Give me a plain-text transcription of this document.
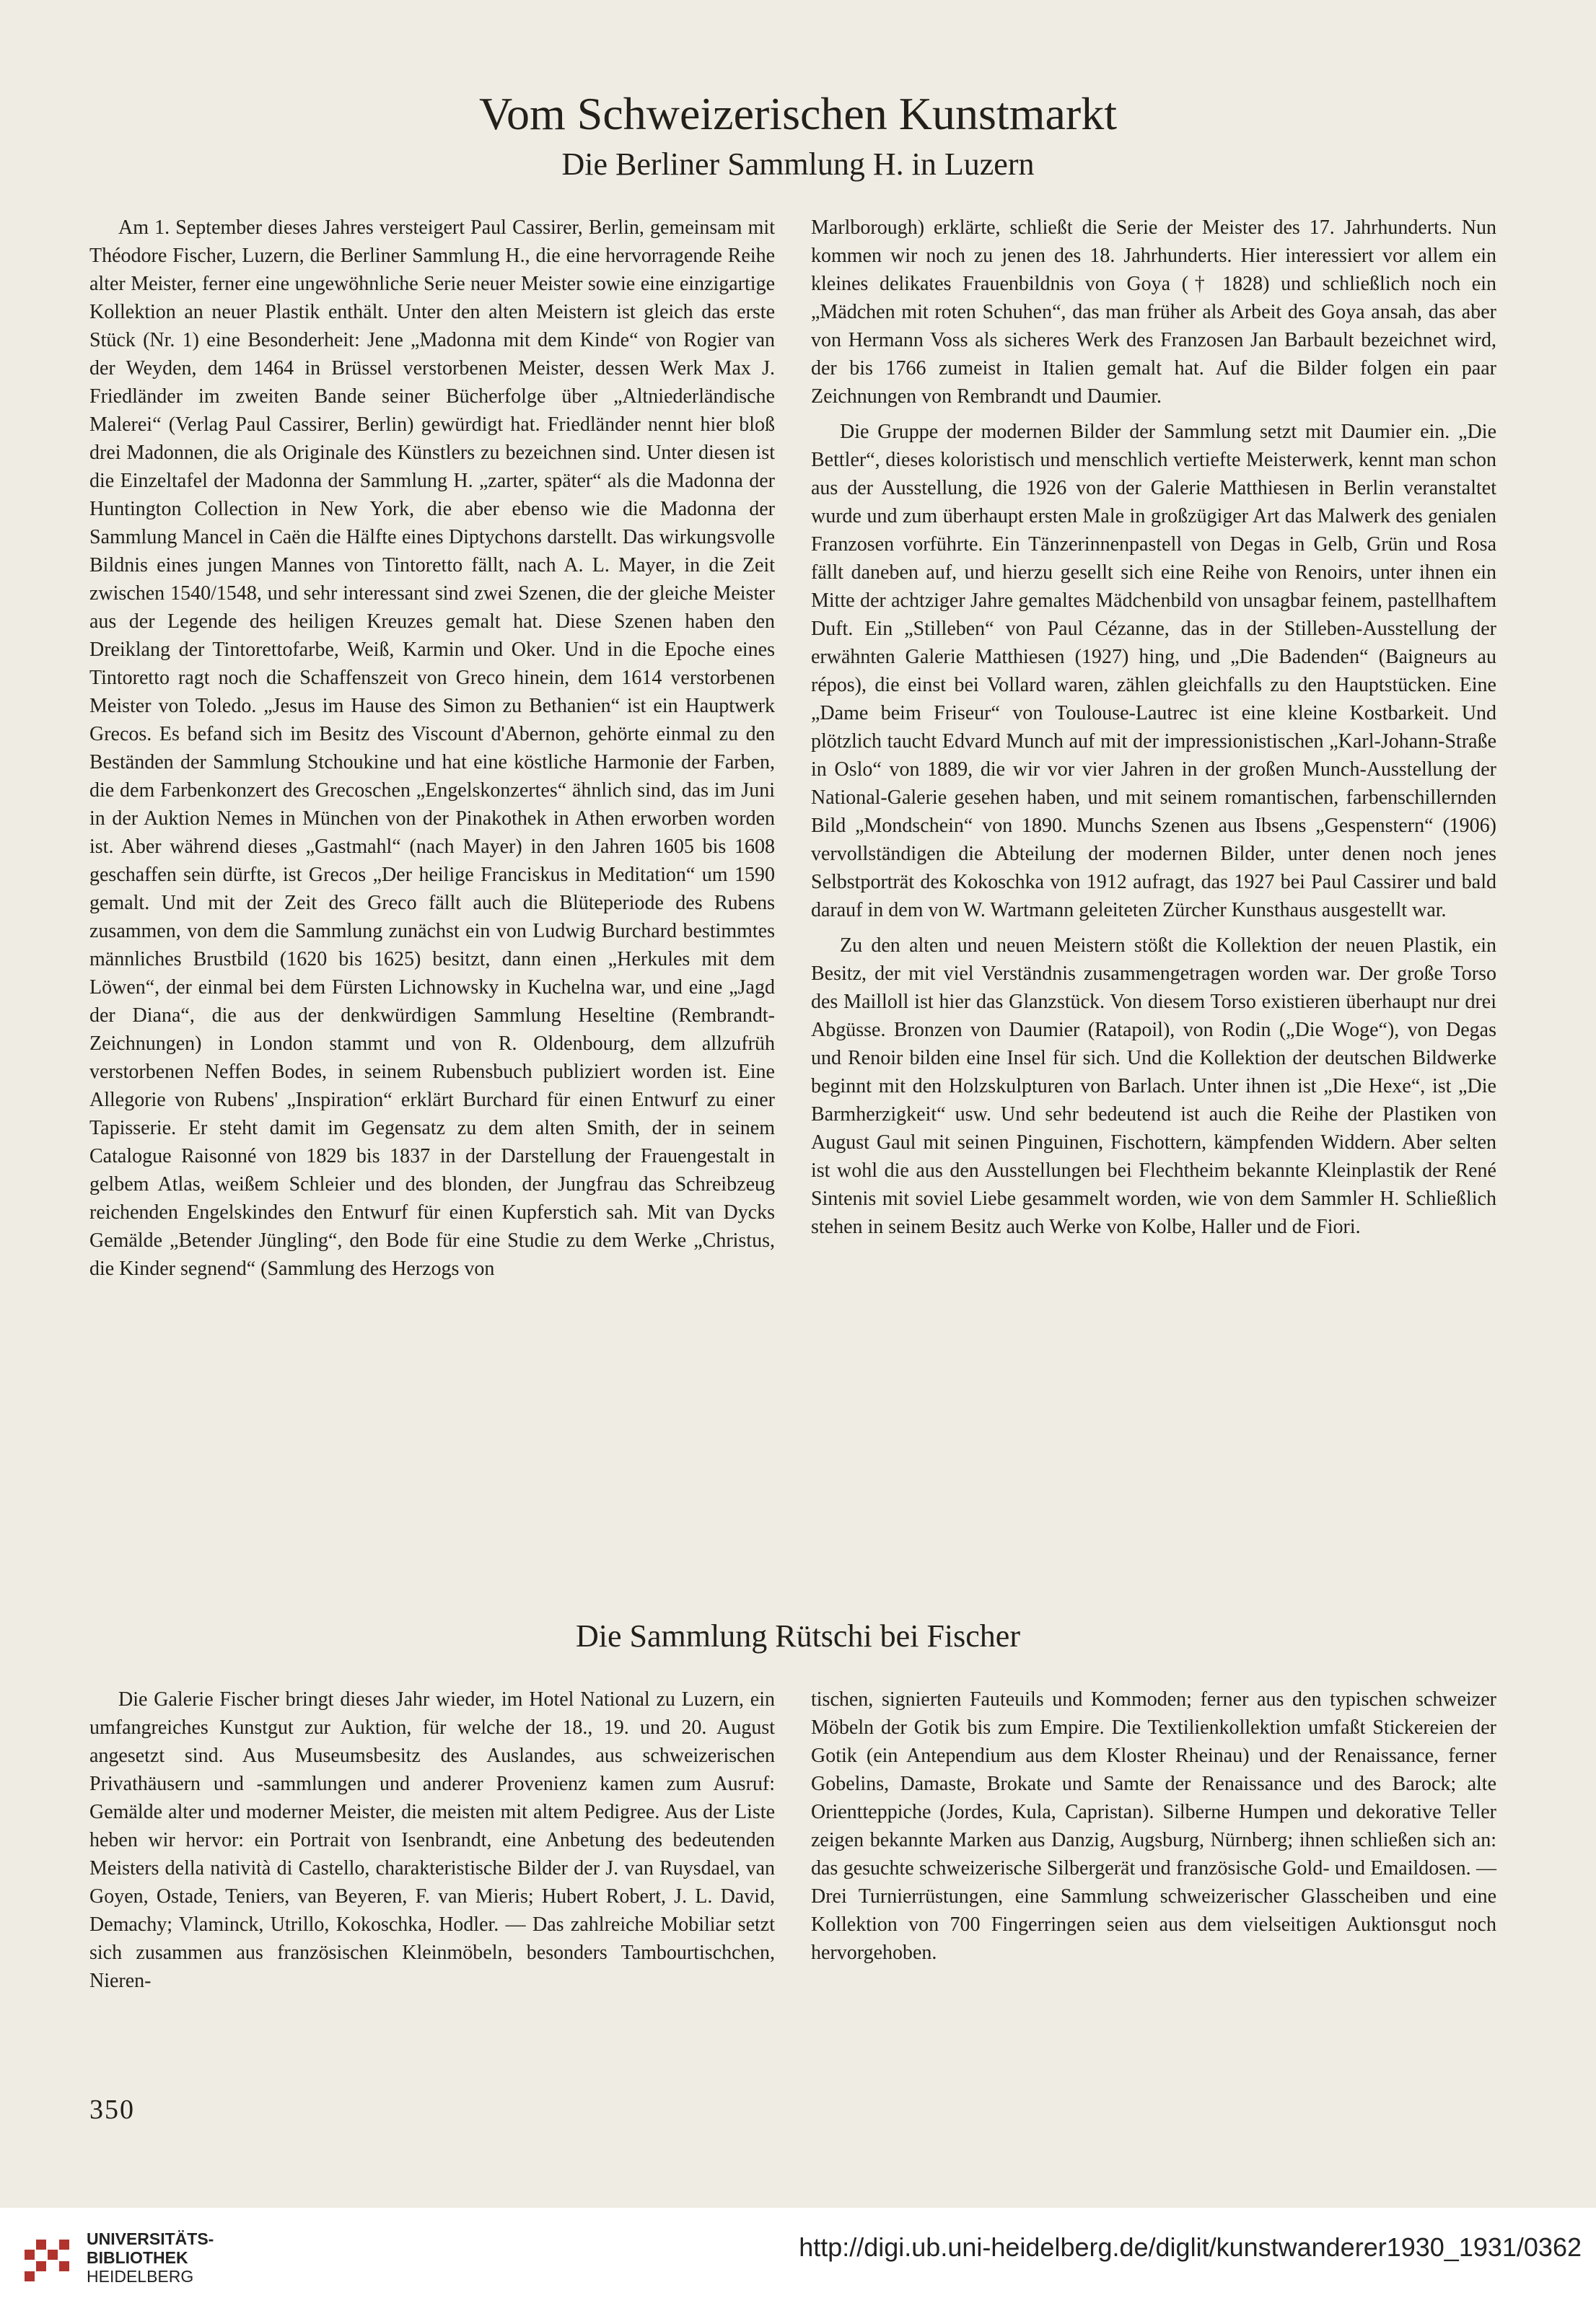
Vom Schweizerischen Kunstmarkt
Die Berliner Sammlung H. in Luzern

Am 1. September dieses Jahres versteigert Paul Cassirer, Berlin, gemeinsam mit Théodore Fischer, Luzern, die Berliner Sammlung H., die eine hervorragende Reihe alter Meister, ferner eine ungewöhnliche Serie neuer Meister sowie eine einzigartige Kollektion an neuer Plastik enthält. Unter den alten Meistern ist gleich das erste Stück (Nr. 1) eine Besonderheit: Jene „Madonna mit dem Kinde“ von Rogier van der Weyden, dem 1464 in Brüssel verstorbenen Meister, dessen Werk Max J. Friedländer im zweiten Bande seiner Bücherfolge über „Altniederländische Malerei“ (Verlag Paul Cassirer, Berlin) gewürdigt hat. Friedländer nennt hier bloß drei Madonnen, die als Originale des Künstlers zu bezeichnen sind. Unter diesen ist die Einzeltafel der Madonna der Sammlung H. „zarter, später“ als die Madonna der Huntington Collection in New York, die aber ebenso wie die Madonna der Sammlung Mancel in Caën die Hälfte eines Diptychons darstellt. Das wirkungsvolle Bildnis eines jungen Mannes von Tintoretto fällt, nach A. L. Mayer, in die Zeit zwischen 1540/1548, und sehr interessant sind zwei Szenen, die der gleiche Meister aus der Legende des heiligen Kreuzes gemalt hat. Diese Szenen haben den Dreiklang der Tintorettofarbe, Weiß, Karmin und Oker. Und in die Epoche eines Tintoretto ragt noch die Schaffenszeit von Greco hinein, dem 1614 verstorbenen Meister von Toledo. „Jesus im Hause des Simon zu Bethanien“ ist ein Hauptwerk Grecos. Es befand sich im Besitz des Viscount d'Abernon, gehörte einmal zu den Beständen der Sammlung Stchoukine und hat eine köstliche Harmonie der Farben, die dem Farbenkonzert des Grecoschen „Engelskonzertes“ ähnlich sind, das im Juni in der Auktion Nemes in München von der Pinakothek in Athen erworben worden ist. Aber während dieses „Gastmahl“ (nach Mayer) in den Jahren 1605 bis 1608 geschaffen sein dürfte, ist Grecos „Der heilige Franciskus in Meditation“ um 1590 gemalt. Und mit der Zeit des Greco fällt auch die Blüteperiode des Rubens zusammen, von dem die Sammlung zunächst ein von Ludwig Burchard bestimmtes männliches Brustbild (1620 bis 1625) besitzt, dann einen „Herkules mit dem Löwen“, der einmal bei dem Fürsten Lichnowsky in Kuchelna war, und eine „Jagd der Diana“, die aus der denkwürdigen Sammlung Heseltine (Rembrandt-Zeichnungen) in London stammt und von R. Oldenbourg, dem allzufrüh verstorbenen Neffen Bodes, in seinem Rubensbuch publiziert worden ist. Eine Allegorie von Rubens' „Inspiration“ erklärt Burchard für einen Entwurf zu einer Tapisserie. Er steht damit im Gegensatz zu dem alten Smith, der in seinem Catalogue Raisonné von 1829 bis 1837 in der Darstellung der Frauengestalt in gelbem Atlas, weißem Schleier und des blonden, der Jungfrau das Schreibzeug reichenden Engelskindes den Entwurf für einen Kupferstich sah. Mit van Dycks Gemälde „Betender Jüngling“, den Bode für eine Studie zu dem Werke „Christus, die Kinder segnend“ (Sammlung des Herzogs von

Marlborough) erklärte, schließt die Serie der Meister des 17. Jahrhunderts. Nun kommen wir noch zu jenen des 18. Jahrhunderts. Hier interessiert vor allem ein kleines delikates Frauenbildnis von Goya († 1828) und schließlich noch ein „Mädchen mit roten Schuhen“, das man früher als Arbeit des Goya ansah, das aber von Hermann Voss als sicheres Werk des Franzosen Jan Barbault bezeichnet wird, der bis 1766 zumeist in Italien gemalt hat. Auf die Bilder folgen ein paar Zeichnungen von Rembrandt und Daumier.

Die Gruppe der modernen Bilder der Sammlung setzt mit Daumier ein. „Die Bettler“, dieses koloristisch und menschlich vertiefte Meisterwerk, kennt man schon aus der Ausstellung, die 1926 von der Galerie Matthiesen in Berlin veranstaltet wurde und zum überhaupt ersten Male in großzügiger Art das Malwerk des genialen Franzosen vorführte. Ein Tänzerinnenpastell von Degas in Gelb, Grün und Rosa fällt daneben auf, und hierzu gesellt sich eine Reihe von Renoirs, unter ihnen ein Mitte der achtziger Jahre gemaltes Mädchenbild von unsagbar feinem, pastellhaftem Duft. Ein „Stilleben“ von Paul Cézanne, das in der Stilleben-Ausstellung der erwähnten Galerie Matthiesen (1927) hing, und „Die Badenden“ (Baigneurs au répos), die einst bei Vollard waren, zählen gleichfalls zu den Hauptstücken. Eine „Dame beim Friseur“ von Toulouse-Lautrec ist eine kleine Kostbarkeit. Und plötzlich taucht Edvard Munch auf mit der impressionistischen „Karl-Johann-Straße in Oslo“ von 1889, die wir vor vier Jahren in der großen Munch-Ausstellung der National-Galerie gesehen haben, und mit seinem romantischen, farbenschillernden Bild „Mondschein“ von 1890. Munchs Szenen aus Ibsens „Gespenstern“ (1906) vervollständigen die Abteilung der modernen Bilder, unter denen noch jenes Selbstporträt des Kokoschka von 1912 aufragt, das 1927 bei Paul Cassirer und bald darauf in dem von W. Wartmann geleiteten Zürcher Kunsthaus ausgestellt war.

Zu den alten und neuen Meistern stößt die Kollektion der neuen Plastik, ein Besitz, der mit viel Verständnis zusammengetragen worden war. Der große Torso des Mailloll ist hier das Glanzstück. Von diesem Torso existieren überhaupt nur drei Abgüsse. Bronzen von Daumier (Ratapoil), von Rodin („Die Woge“), von Degas und Renoir bilden eine Insel für sich. Und die Kollektion der deutschen Bildwerke beginnt mit den Holzskulpturen von Barlach. Unter ihnen ist „Die Hexe“, ist „Die Barmherzigkeit“ usw. Und sehr bedeutend ist auch die Reihe der Plastiken von August Gaul mit seinen Pinguinen, Fischottern, kämpfenden Widdern. Aber selten ist wohl die aus den Ausstellungen bei Flechtheim bekannte Kleinplastik der René Sintenis mit soviel Liebe gesammelt worden, wie von dem Sammler H. Schließlich stehen in seinem Besitz auch Werke von Kolbe, Haller und de Fiori.

Die Sammlung Rütschi bei Fischer

Die Galerie Fischer bringt dieses Jahr wieder, im Hotel National zu Luzern, ein umfangreiches Kunstgut zur Auktion, für welche der 18., 19. und 20. August angesetzt sind. Aus Museumsbesitz des Auslandes, aus schweizerischen Privathäusern und -sammlungen und anderer Provenienz kamen zum Ausruf: Gemälde alter und moderner Meister, die meisten mit altem Pedigree. Aus der Liste heben wir hervor: ein Portrait von Isenbrandt, eine Anbetung des bedeutenden Meisters della natività di Castello, charakteristische Bilder der J. van Ruysdael, van Goyen, Ostade, Teniers, van Beyeren, F. van Mieris; Hubert Robert, J. L. David, Demachy; Vlaminck, Utrillo, Kokoschka, Hodler. — Das zahlreiche Mobiliar setzt sich zusammen aus französischen Kleinmöbeln, besonders Tambourtischchen, Nieren-

tischen, signierten Fauteuils und Kommoden; ferner aus den typischen schweizer Möbeln der Gotik bis zum Empire. Die Textilienkollektion umfaßt Stickereien der Gotik (ein Antependium aus dem Kloster Rheinau) und der Renaissance, ferner Gobelins, Damaste, Brokate und Samte der Renaissance und des Barock; alte Orientteppiche (Jordes, Kula, Capristan). Silberne Humpen und dekorative Teller zeigen bekannte Marken aus Danzig, Augsburg, Nürnberg; ihnen schließen sich an: das gesuchte schweizerische Silbergerät und französische Gold- und Emaildosen. — Drei Turnierrüstungen, eine Sammlung schweizerischer Glasscheiben und eine Kollektion von 700 Fingerringen seien aus dem vielseitigen Auktionsgut noch hervorgehoben.

350
UNIVERSITÄTS-
BIBLIOTHEK
HEIDELBERG
http://digi.ub.uni-heidelberg.de/diglit/kunstwanderer1930_1931/0362
